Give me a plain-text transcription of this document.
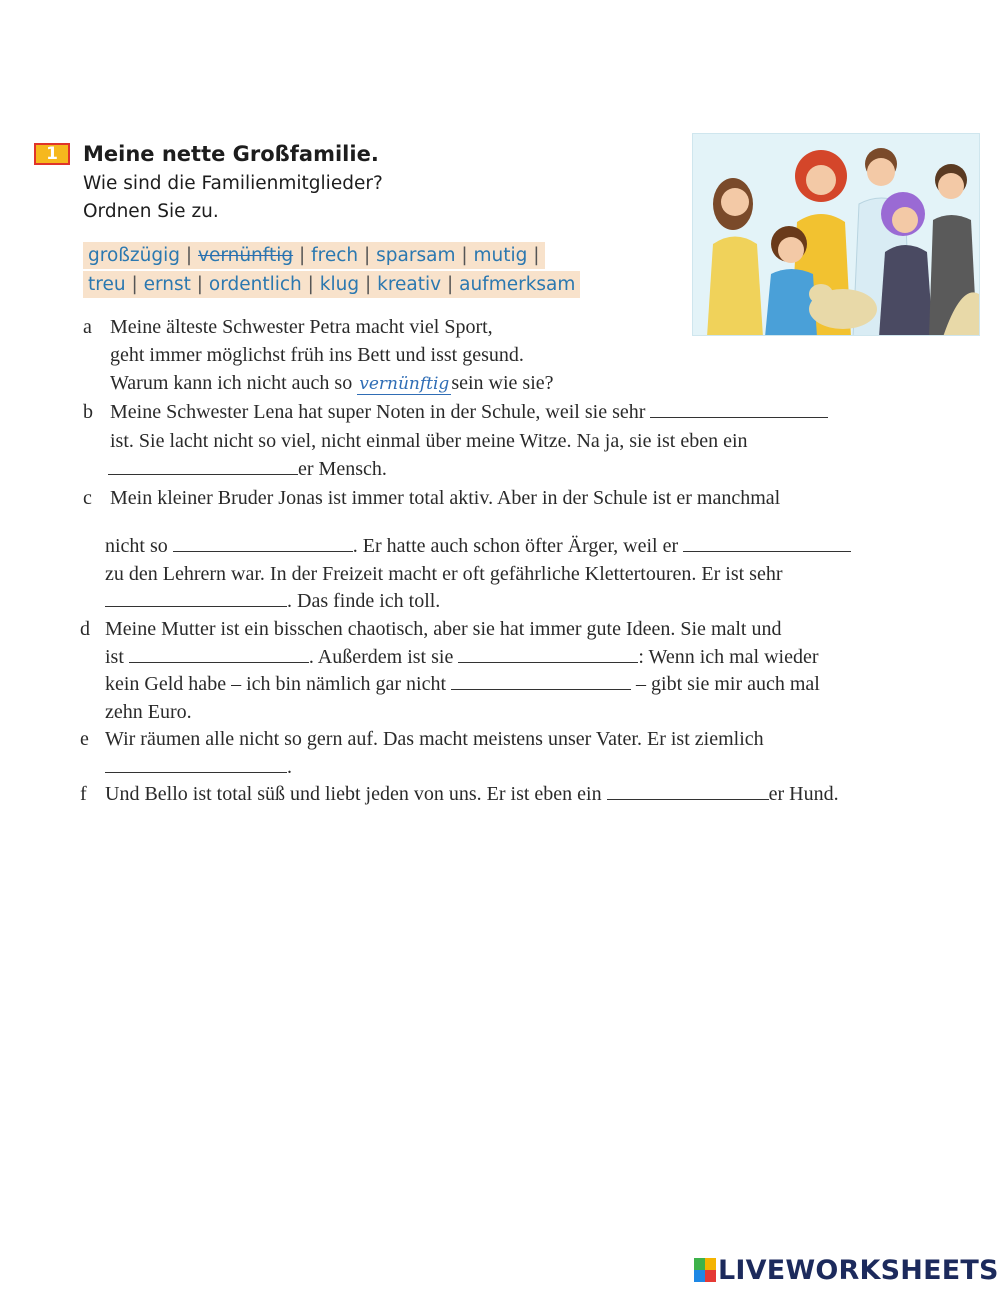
1	Meine nette Großfamilie.
Wie sind die Familienmitglieder?
Ordnen Sie zu.
großzügig | vernünftig | frech | sparsam | mutig |
treu | ernst | ordentlich | klug | kreativ | aufmerksam
a Meine älteste Schwester Petra macht viel Sport,
geht immer möglichst früh ins Bett und isst gesund.
Warum kann ich nicht auch so vernünftig sein wie sie?
b Meine Schwester Lena hat super Noten in der Schule, weil sie sehr
ist. Sie lacht nicht so viel, nicht einmal über meine Witze. Na ja, sie ist eben ein
er Mensch.
c Mein kleiner Bruder Jonas ist immer total aktiv. Aber in der Schule ist er manchmal
nicht so	. Er hatte auch schon öfter Ärger, weil er
zu den Lehrern war. In der Freizeit macht er oft gefährliche Klettertouren. Er ist sehr
. Das finde ich toll.
d Meine Mutter ist ein bisschen chaotisch, aber sie hat immer gute Ideen. Sie malt und
ist	. Außerdem ist sie	: Wenn ich mal wieder
kein Geld habe – ich bin nämlich gar nicht	– gibt sie mir auch mal
zehn Euro.
e Wir räumen alle nicht so gern auf. Das macht meistens unser Vater. Er ist ziemlich
.
f Und Bello ist total süß und liebt jeden von uns. Er ist eben ein	er Hund.
LIVEWORKSHEETS
